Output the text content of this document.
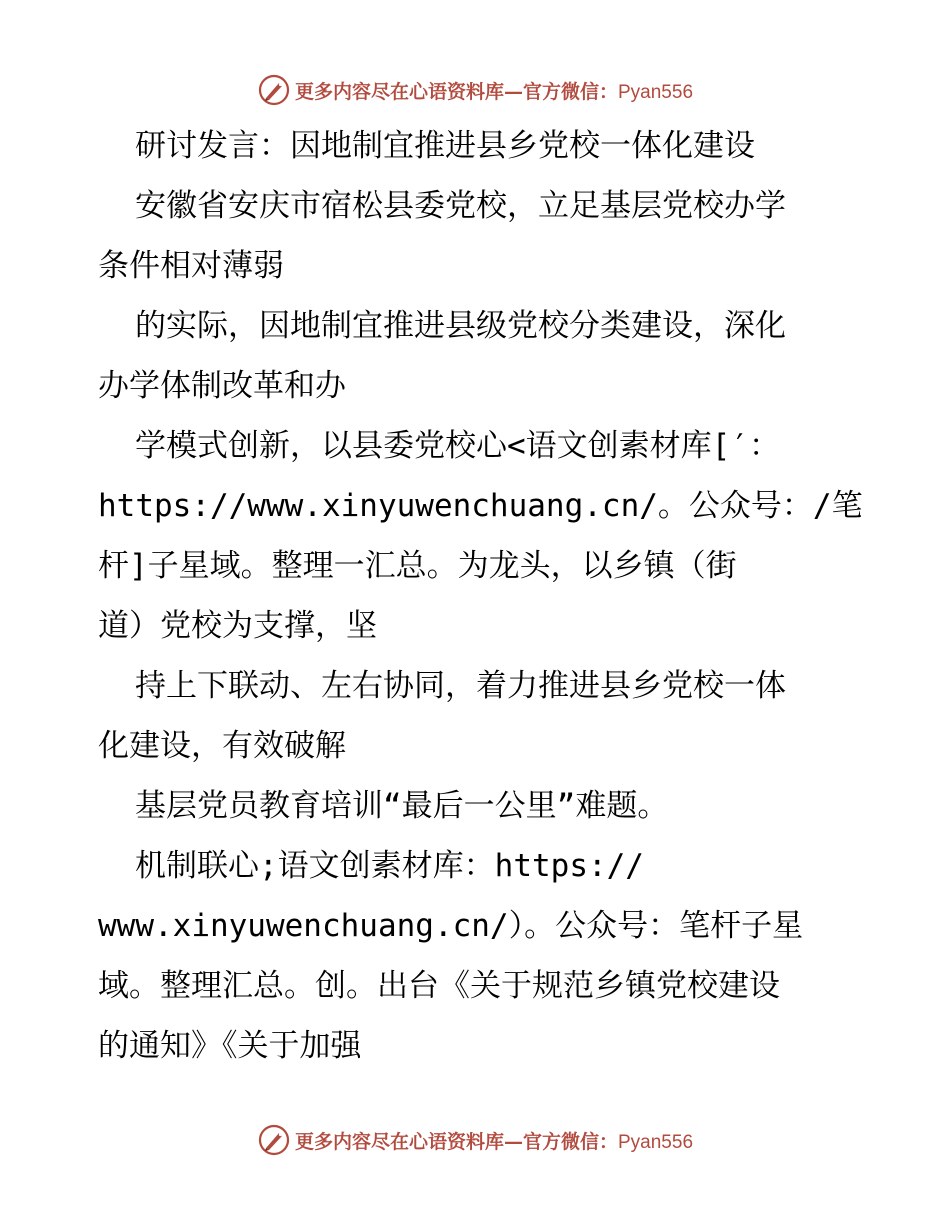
更多内容尽在心语资料库—官方微信：Pyan556
研讨发言：因地制宜推进县乡党校一体化建设
安徽省安庆市宿松县委党校，立足基层党校办学
条件相对薄弱
的实际，因地制宜推进县级党校分类建设，深化
办学体制改革和办
学模式创新，以县委党校心<语文创素材库[′：
https://www.xinyuwenchuang.cn/。公众号：/笔
杆]子星域。整理一汇总。为龙头，以乡镇（街
道）党校为支撑，坚
持上下联动、左右协同，着力推进县乡党校一体
化建设，有效破解
基层党员教育培训“最后一公里”难题。
机制联心;语文创素材库：https://
www.xinyuwenchuang.cn/）。公众号：笔杆子星
域。整理汇总。创。出台《关于规范乡镇党校建设
的通知》《关于加强
更多内容尽在心语资料库—官方微信：Pyan556
